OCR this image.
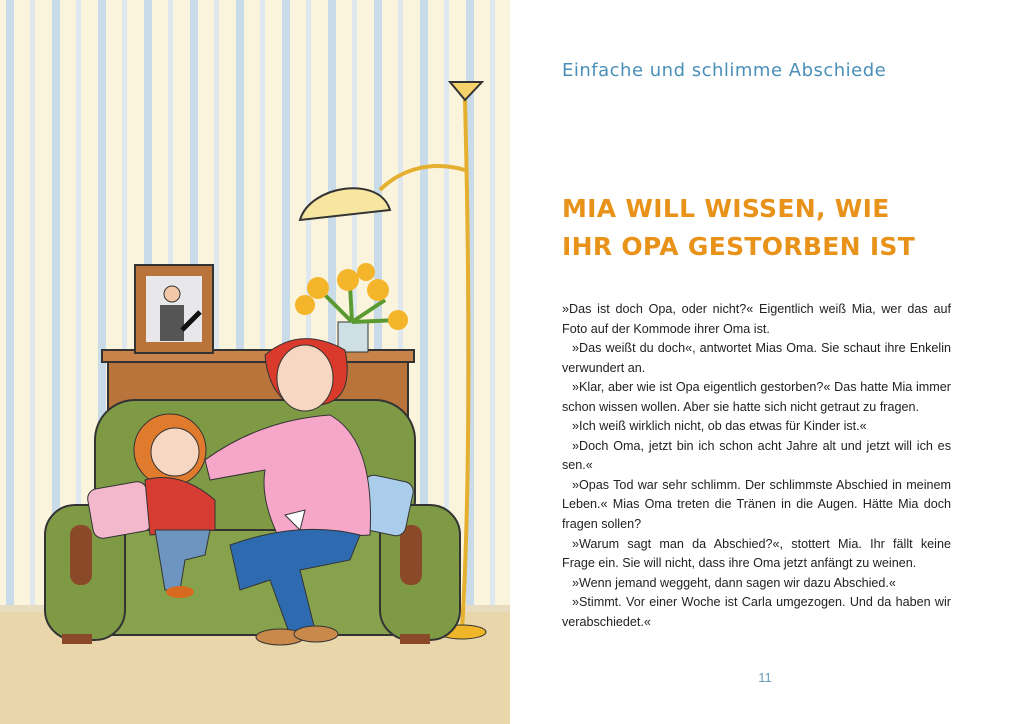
Einfache und schlimme Abschiede
MIA WILL WISSEN, WIE
IHR OPA GESTORBEN IST
»Das ist doch Opa, oder nicht?« Eigentlich weiß Mia, wer das auf
Foto auf der Kommode ihrer Oma ist.
»Das weißt du doch«, antwortet Mias Oma. Sie schaut ihre Enkelin
verwundert an.
»Klar, aber wie ist Opa eigentlich gestorben?« Das hatte Mia immer
schon wissen wollen. Aber sie hatte sich nicht getraut zu fragen.
»Ich weiß wirklich nicht, ob das etwas für Kinder ist.«
»Doch Oma, jetzt bin ich schon acht Jahre alt und jetzt will ich es
sen.«
»Opas Tod war sehr schlimm. Der schlimmste Abschied in meinem
Leben.« Mias Oma treten die Tränen in die Augen. Hätte Mia doch
fragen sollen?
»Warum sagt man da Abschied?«, stottert Mia. Ihr fällt keine
Frage ein. Sie will nicht, dass ihre Oma jetzt anfängt zu weinen.
»Wenn jemand weggeht, dann sagen wir dazu Abschied.«
»Stimmt. Vor einer Woche ist Carla umgezogen. Und da haben wir
verabschiedet.«
11
